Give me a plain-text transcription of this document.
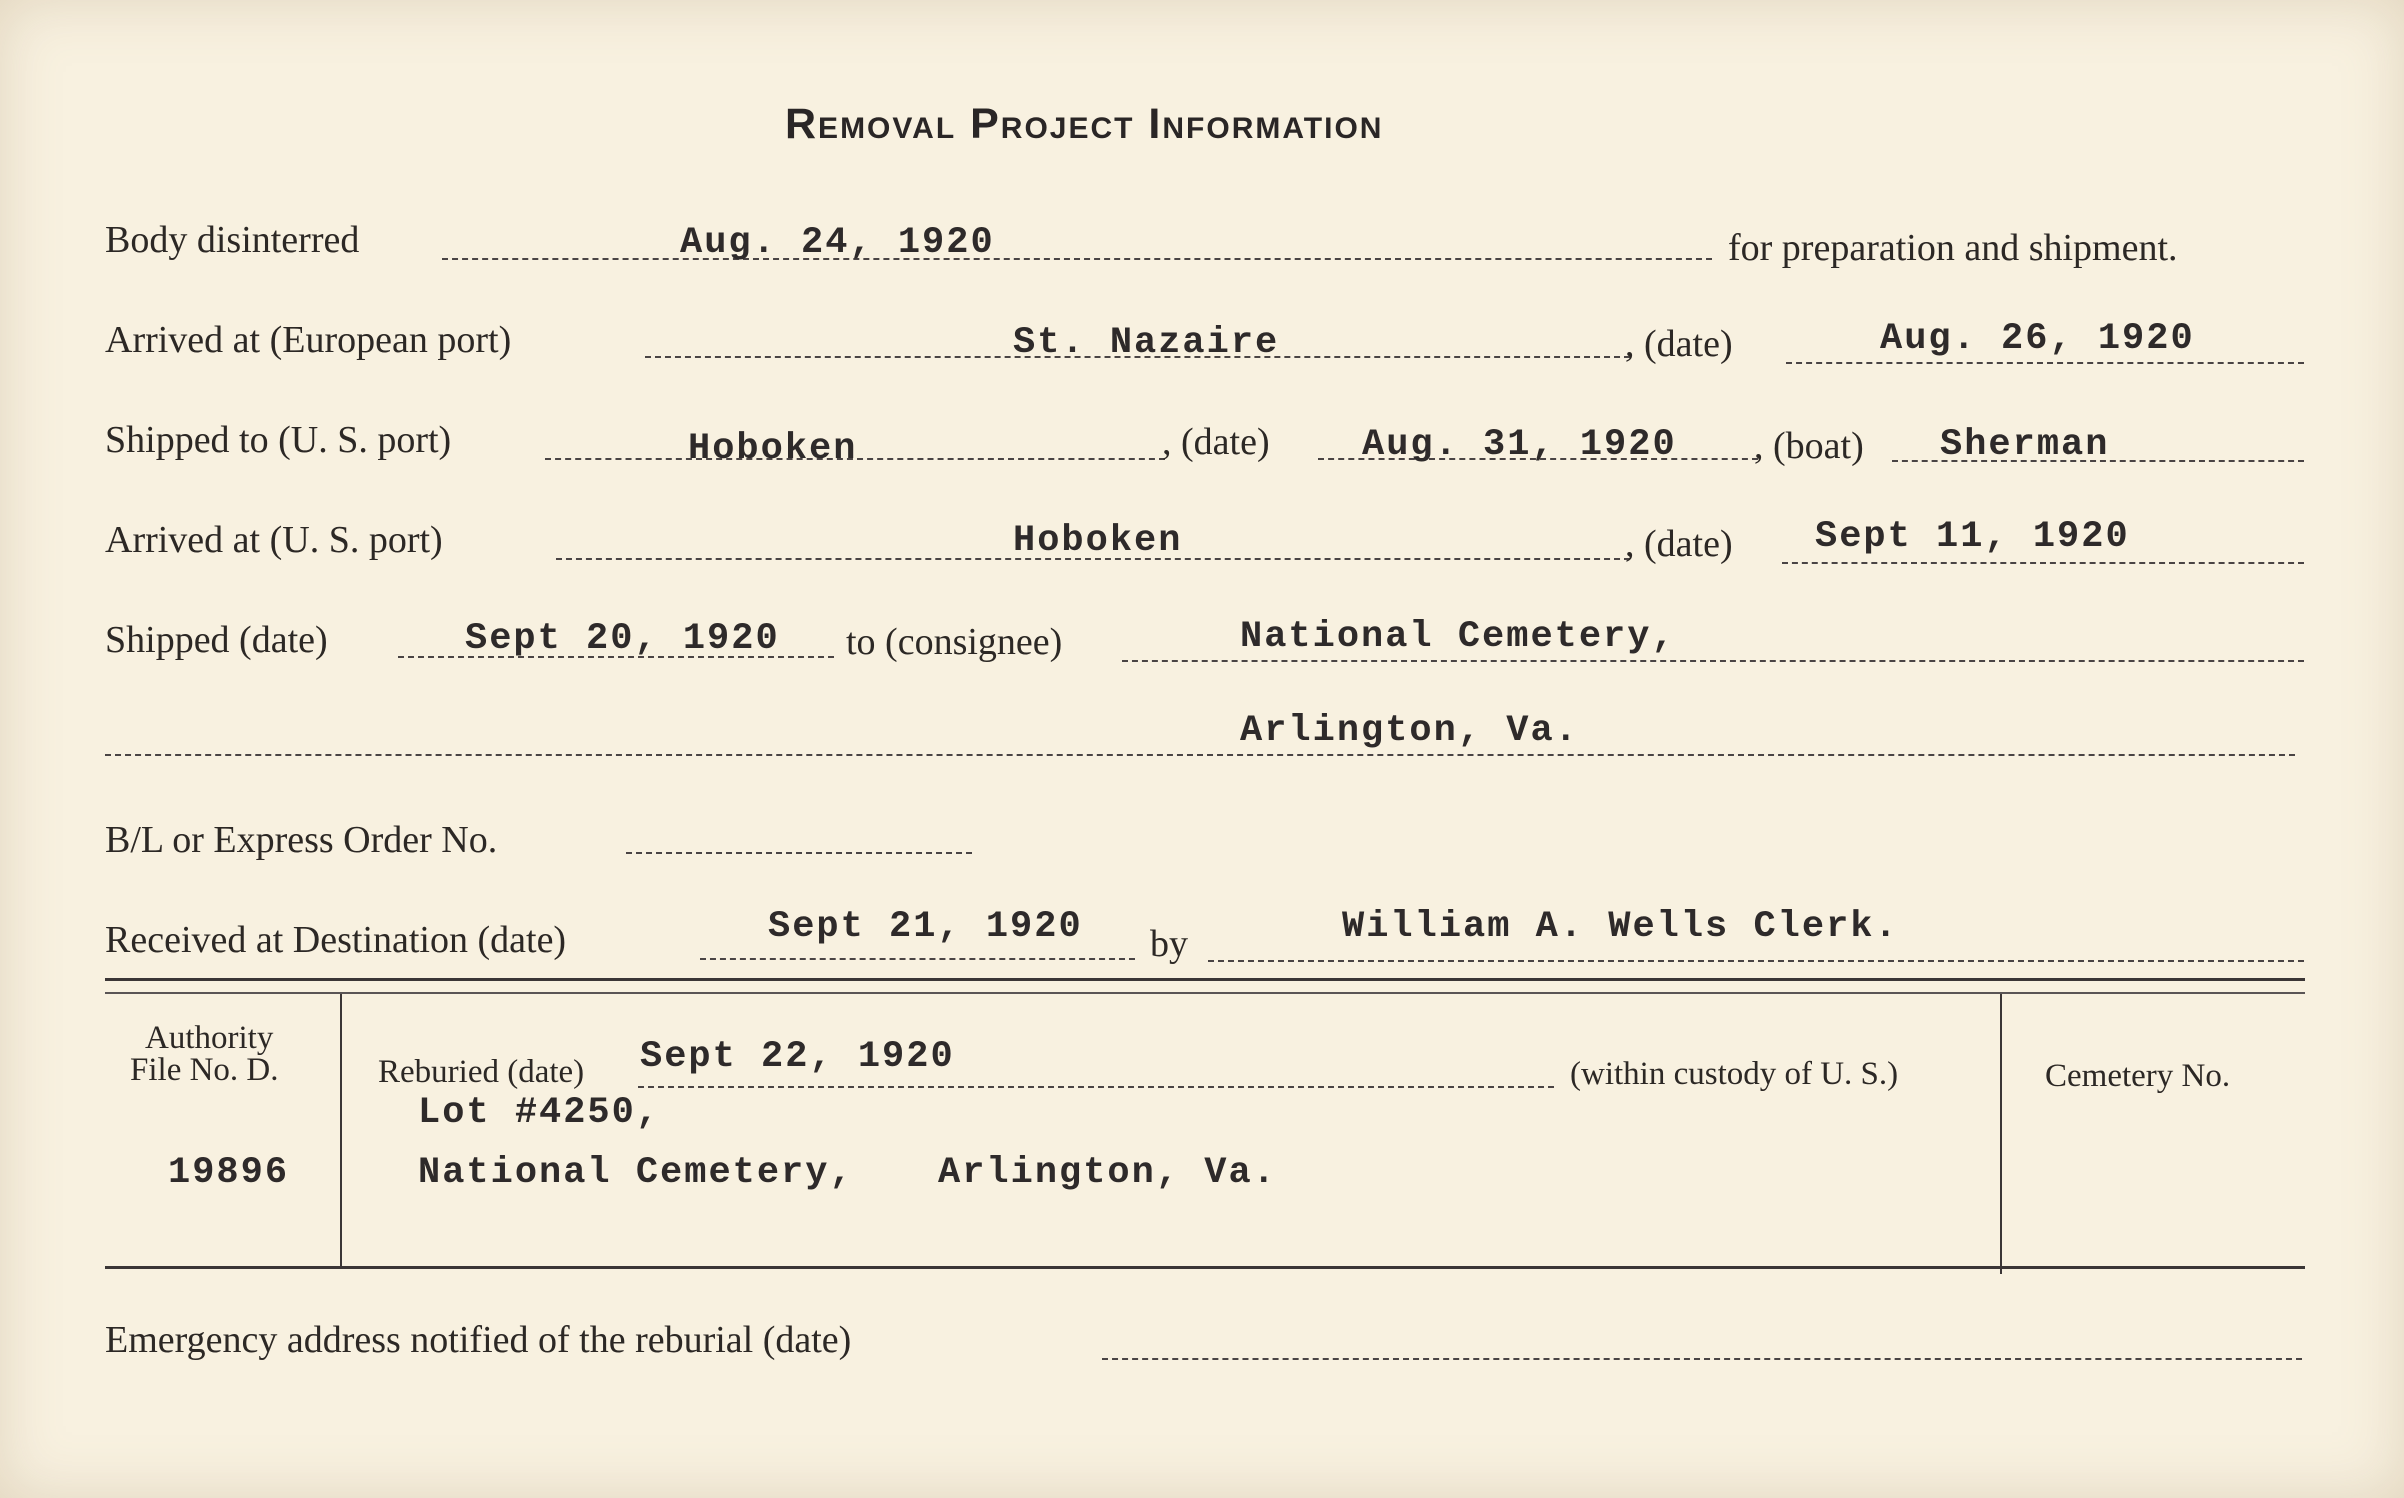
Removal Project Information
Body disinterred	Aug. 24, 1920	for preparation and shipment.
Arrived at (European port)	St. Nazaire	, (date)	Aug. 26, 1920
Shipped to (U. S. port)	Hoboken	, (date) Aug. 31, 1920 , (boat) Sherman
Arrived at (U. S. port)	Hoboken	, (date) Sept 11, 1920
Shipped (date)	Sept 20, 1920 to (consignee)	National Cemetery,
Arlington, Va.
B/L or Express Order No.
Received at Destination (date)	Sept 21, 1920 by	William A. Wells Clerk.
Authority
File No. D.
19896
Reburied (date) Sept 22, 1920	(within custody of U. S.)
Lot #4250,
National Cemetery, Arlington, Va.
Cemetery No.
Emergency address notified of the reburial (date)
